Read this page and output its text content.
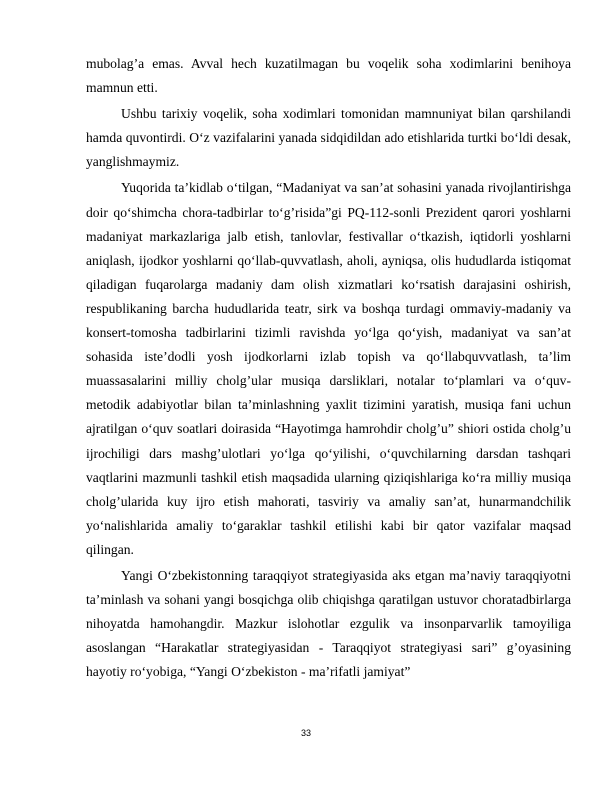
mubolag’a emas. Avval hech kuzatilmagan bu voqelik soha xodimlarini benihoya mamnun etti.

Ushbu tarixiy voqelik, soha xodimlari tomonidan mamnuniyat bilan qarshilandi hamda quvontirdi. O‘z vazifalarini yanada sidqidildan ado etishlarida turtki bo‘ldi desak, yanglishmaymiz.

Yuqorida ta’kidlab o‘tilgan, “Madaniyat va san’at sohasini yanada rivojlantirishga doir qo‘shimcha chora-tadbirlar to‘g’risida”gi PQ-112-sonli Prezident qarori yoshlarni madaniyat markazlariga jalb etish, tanlovlar, festivallar o‘tkazish, iqtidorli yoshlarni aniqlash, ijodkor yoshlarni qo‘llab-quvvatlash, aholi, ayniqsa, olis hududlarda istiqomat qiladigan fuqarolarga madaniy dam olish xizmatlari ko‘rsatish darajasini oshirish, respublikaning barcha hududlarida teatr, sirk va boshqa turdagi ommaviy-madaniy va konsert-tomosha tadbirlarini tizimli ravishda yo‘lga qo‘yish, madaniyat va san’at sohasida iste’dodli yosh ijodkorlarni izlab topish va qo‘llabquvvatlash, ta’lim muassasalarini milliy cholg’ular musiqa darsliklari, notalar to‘plamlari va o‘quv-metodik adabiyotlar bilan ta’minlashning yaxlit tizimini yaratish, musiqa fani uchun ajratilgan o‘quv soatlari doirasida “Hayotimga hamrohdir cholg’u” shiori ostida cholg’u ijrochiligi dars mashg’ulotlari yo‘lga qo‘yilishi, o‘quvchilarning darsdan tashqari vaqtlarini mazmunli tashkil etish maqsadida ularning qiziqishlariga ko‘ra milliy musiqa cholg’ularida kuy ijro etish mahorati, tasviriy va amaliy san’at, hunarmandchilik yo‘nalishlarida amaliy to‘garaklar tashkil etilishi kabi bir qator vazifalar maqsad qilingan.

Yangi O‘zbekistonning taraqqiyot strategiyasida aks etgan ma’naviy taraqqiyotni ta’minlash va sohani yangi bosqichga olib chiqishga qaratilgan ustuvor choratadbirlarga nihoyatda hamohangdir. Mazkur islohotlar ezgulik va insonparvarlik tamoyiliga asoslangan “Harakatlar strategiyasidan - Taraqqiyot strategiyasi sari” g’oyasining hayotiy ro‘yobiga, “Yangi O‘zbekiston - ma’rifatli jamiyat”

33
